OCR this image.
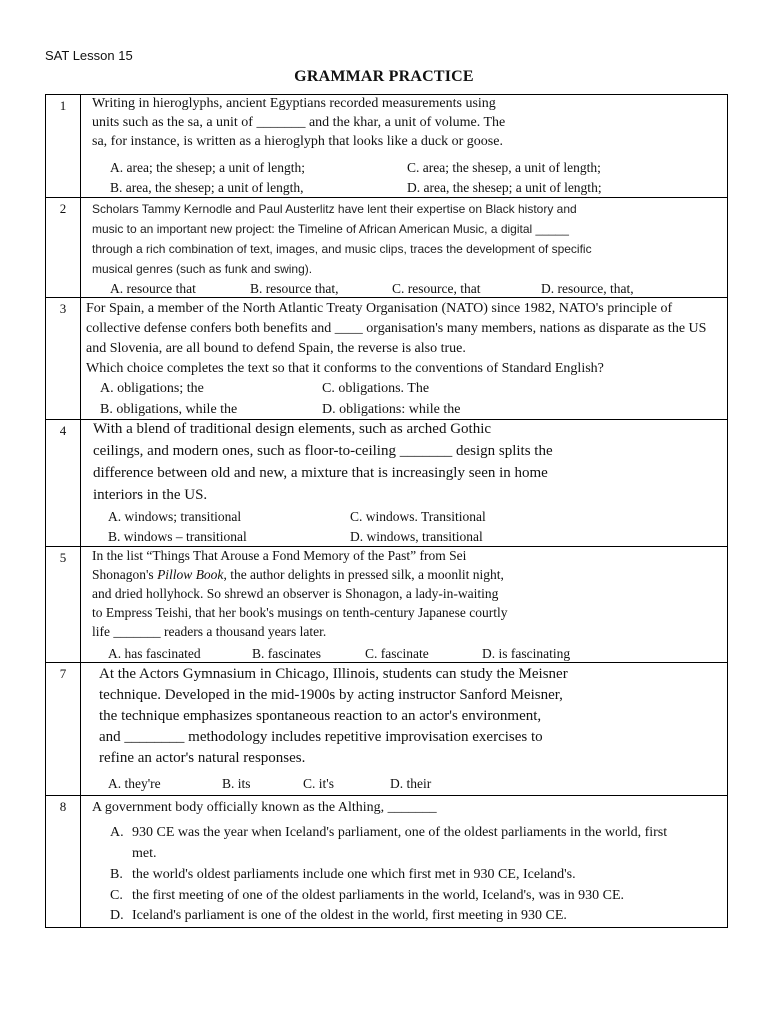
SAT Lesson 15
GRAMMAR PRACTICE
1	Writing in hieroglyphs, ancient Egyptians recorded measurements using
units such as the sa, a unit of _______ and the khar, a unit of volume. The
sa, for instance, is written as a hieroglyph that looks like a duck or goose.
A. area; the shesep; a unit of length;	C. area; the shesep, a unit of length;
B. area, the shesep; a unit of length,	D. area, the shesep; a unit of length;
2	Scholars Tammy Kernodle and Paul Austerlitz have lent their expertise on Black history and
music to an important new project: the Timeline of African American Music, a digital _____
through a rich combination of text, images, and music clips, traces the development of specific
musical genres (such as funk and swing).
A. resource that	B. resource that,	C. resource, that	D. resource, that,
3	For Spain, a member of the North Atlantic Treaty Organisation (NATO) since 1982, NATO's principle of
collective defense confers both benefits and ____ organisation's many members, nations as disparate as the US
and Slovenia, are all bound to defend Spain, the reverse is also true.
Which choice completes the text so that it conforms to the conventions of Standard English?
A. obligations; the	C. obligations. The
B. obligations, while the	D. obligations: while the
4	With a blend of traditional design elements, such as arched Gothic
ceilings, and modern ones, such as floor-to-ceiling _______ design splits the
difference between old and new, a mixture that is increasingly seen in home
interiors in the US.
A. windows; transitional	C. windows. Transitional
B. windows – transitional	D. windows, transitional
5	In the list “Things That Arouse a Fond Memory of the Past” from Sei
Shonagon's Pillow Book, the author delights in pressed silk, a moonlit night,
and dried hollyhock. So shrewd an observer is Shonagon, a lady-in-waiting
to Empress Teishi, that her book's musings on tenth-century Japanese courtly
life _______ readers a thousand years later.
A. has fascinated	B. fascinates	C. fascinate	D. is fascinating
7	At the Actors Gymnasium in Chicago, Illinois, students can study the Meisner
technique. Developed in the mid-1900s by acting instructor Sanford Meisner,
the technique emphasizes spontaneous reaction to an actor's environment,
and ________ methodology includes repetitive improvisation exercises to
refine an actor's natural responses.
A. they're	B. its	C. it's	D. their
8	A government body officially known as the Althing, _______
A. 930 CE was the year when Iceland's parliament, one of the oldest parliaments in the world, first
met.
B. the world's oldest parliaments include one which first met in 930 CE, Iceland's.
C. the first meeting of one of the oldest parliaments in the world, Iceland's, was in 930 CE.
D. Iceland's parliament is one of the oldest in the world, first meeting in 930 CE.
